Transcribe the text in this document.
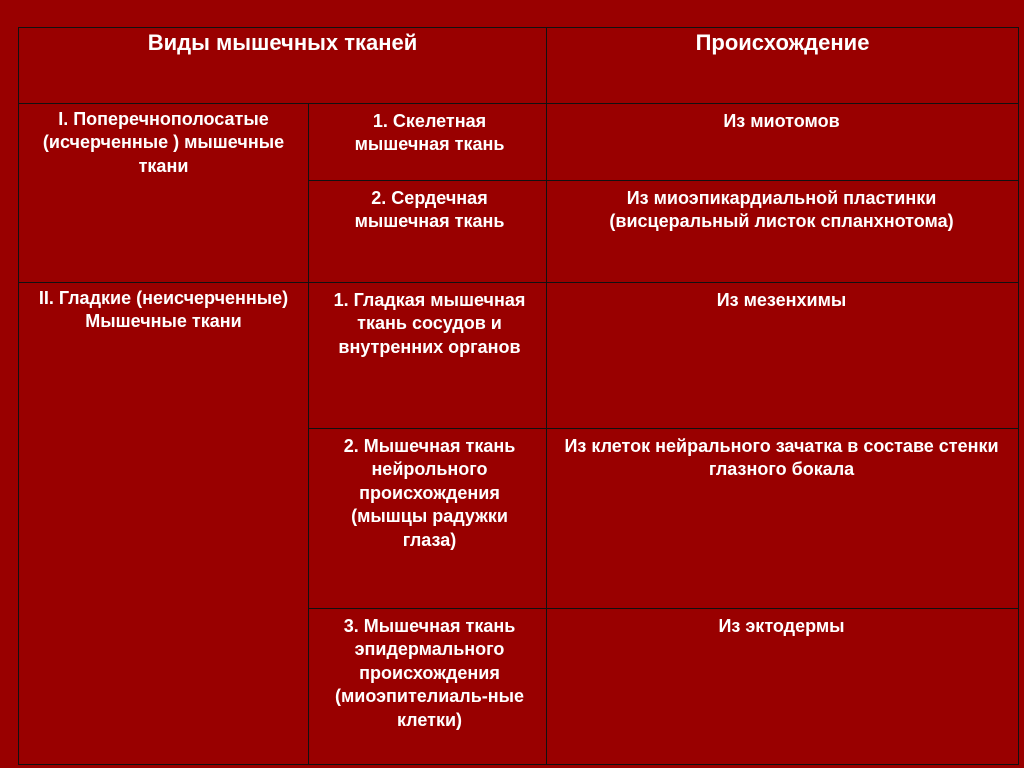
Виды мышечных тканей		Происхождение
I. Поперечнополосатые (исчерченные ) мышечные ткани	1. Скелетная мышечная ткань	Из миотомов
	2. Сердечная мышечная ткань	Из миоэпикардиальной пластинки (висцеральный листок спланхнотома)
II. Гладкие (неисчерченные) Мышечные ткани	1. Гладкая мышечная ткань сосудов и внутренних органов	Из мезенхимы
	2. Мышечная ткань нейрольного происхождения (мышцы радужки глаза)	Из клеток нейрального зачатка в составе стенки глазного бокала
	3. Мышечная ткань эпидермального происхождения (миоэпителиаль-ные клетки)	Из эктодермы
